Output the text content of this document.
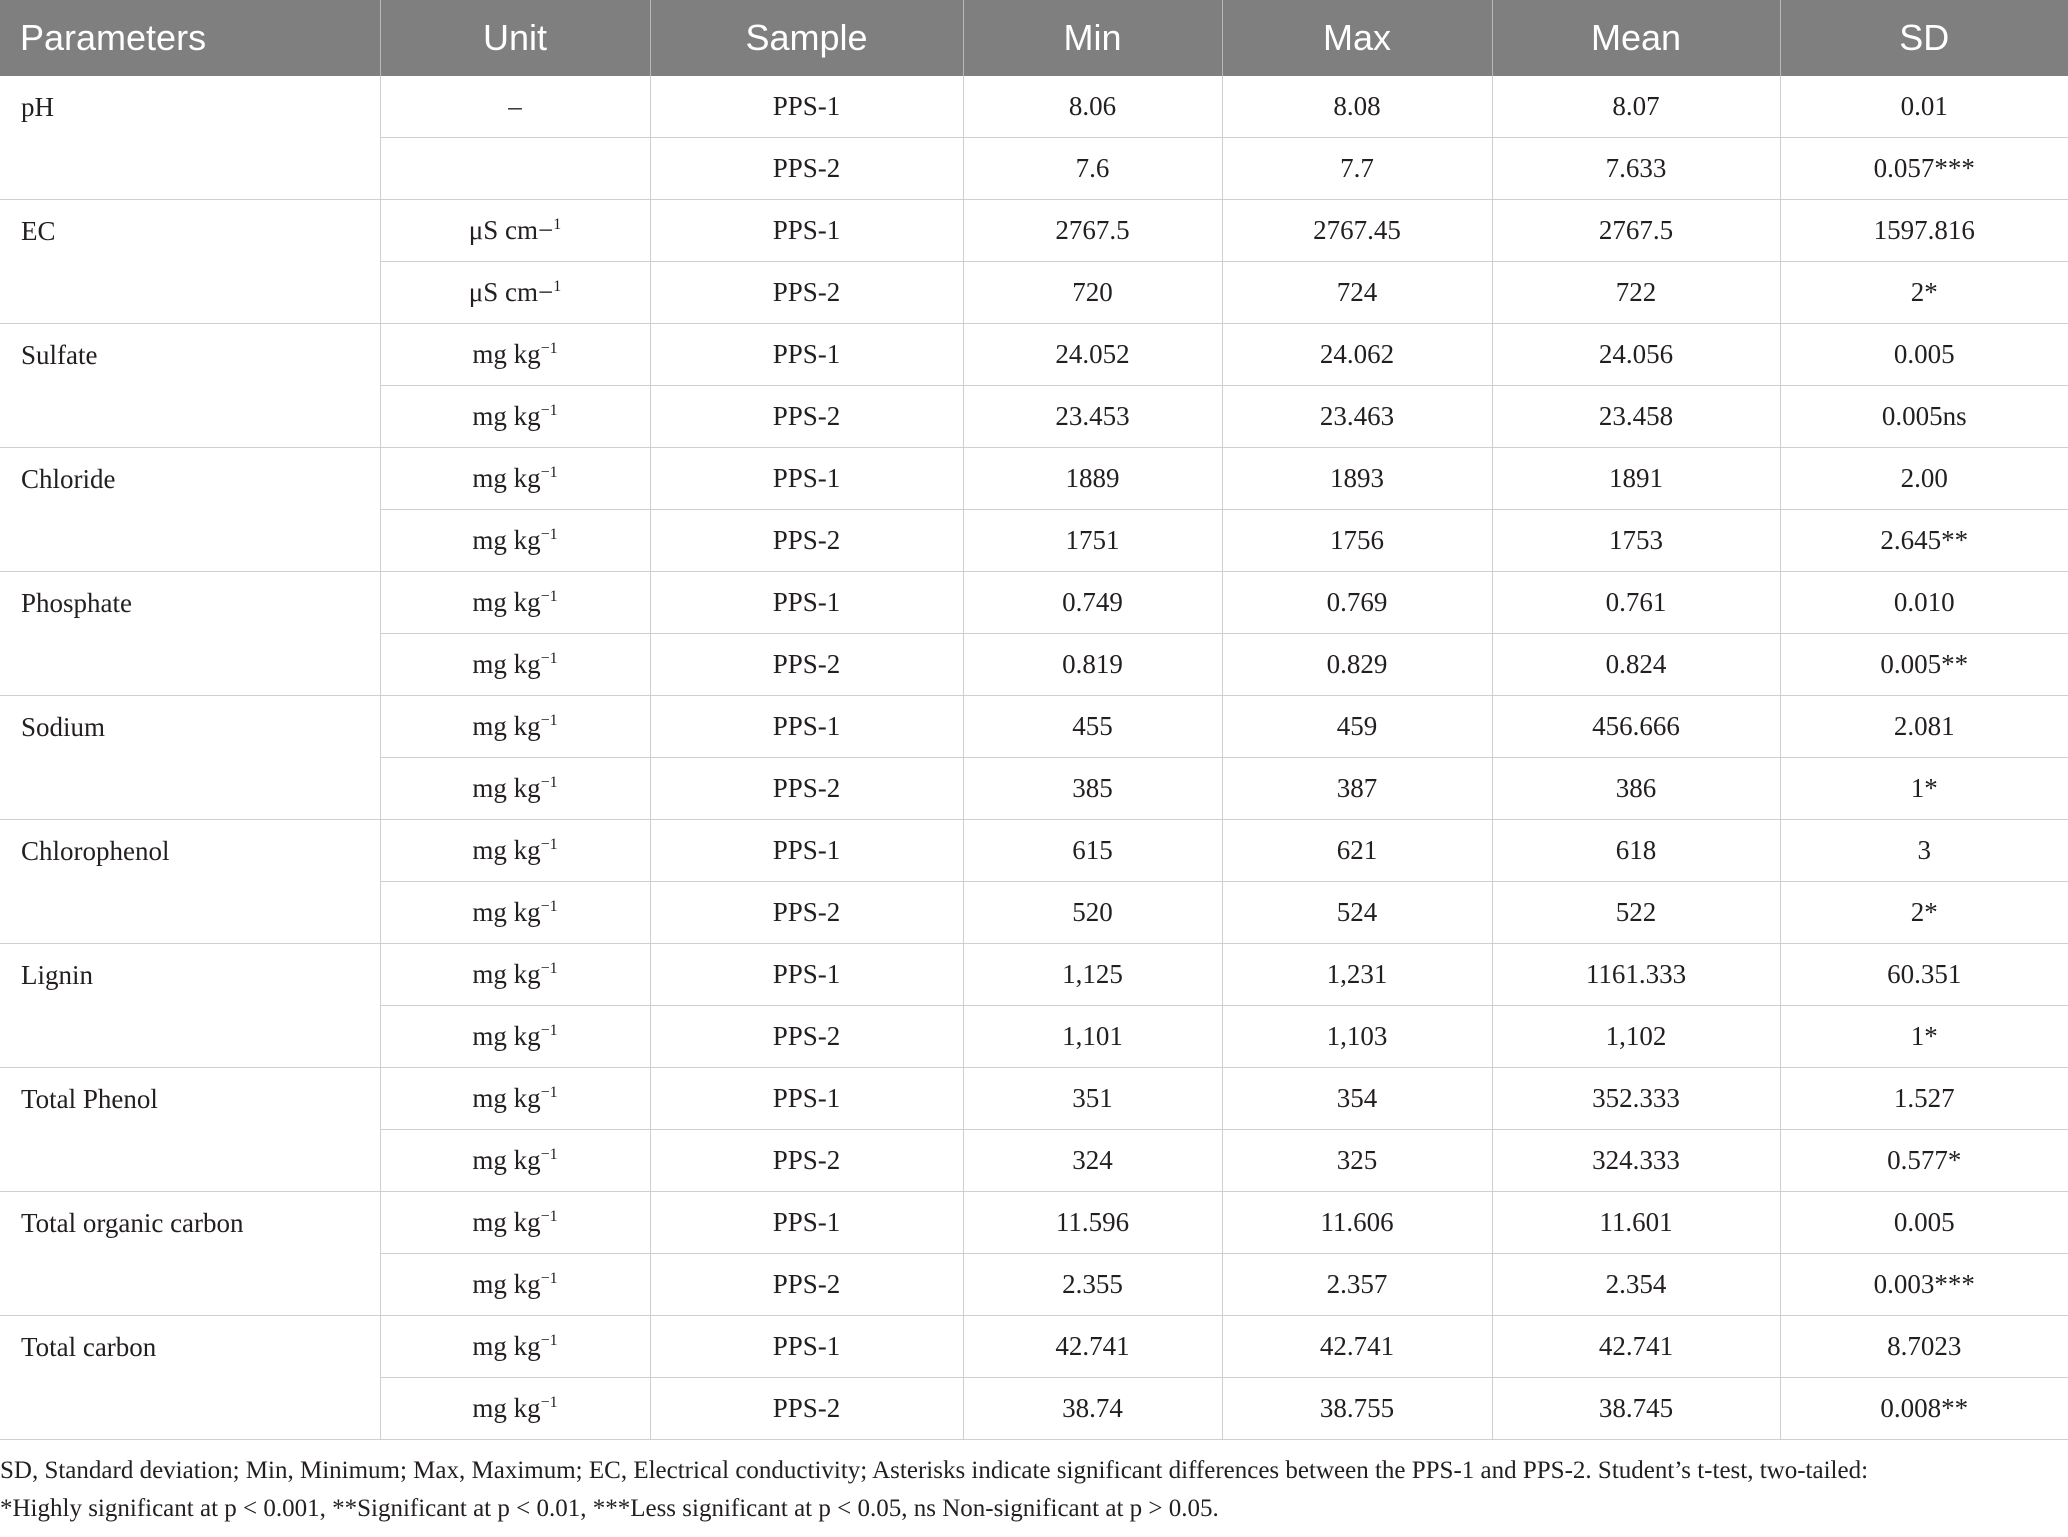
Parameters	Unit	Sample	Min	Max	Mean	SD
pH	–	PPS-1	8.06	8.08	8.07	0.01
		PPS-2	7.6	7.7	7.633	0.057***
EC	μS cm−$^1$	PPS-1	2767.5	2767.45	2767.5	1597.816
	μS cm−$^1$	PPS-2	720	724	722	2*
Sulfate	mg $kg^{-1}$	PPS-1	24.052	24.062	24.056	0.005
	mg $kg^{-1}$	PPS-2	23.453	23.463	23.458	0.005ns
Chloride	mg $kg^{-1}$	PPS-1	1889	1893	1891	2.00
	mg $kg^{-1}$	PPS-2	1751	1756	1753	2.645**
Phosphate	mg $kg^{-1}$	PPS-1	0.749	0.769	0.761	0.010
	mg $kg^{-1}$	PPS-2	0.819	0.829	0.824	0.005**
Sodium	mg $kg^{-1}$	PPS-1	455	459	456.666	2.081
	mg $kg^{-1}$	PPS-2	385	387	386	1*
Chlorophenol	mg $kg^{-1}$	PPS-1	615	621	618	3
	mg $kg^{-1}$	PPS-2	520	524	522	2*
Lignin	mg $kg^{-1}$	PPS-1	1,125	1,231	1161.333	60.351
	mg $kg^{-1}$	PPS-2	1,101	1,103	1,102	1*
Total Phenol	mg $kg^{-1}$	PPS-1	351	354	352.333	1.527
	mg $kg^{-1}$	PPS-2	324	325	324.333	0.577*
Total organic carbon	mg $kg^{-1}$	PPS-1	11.596	11.606	11.601	0.005
	mg $kg^{-1}$	PPS-2	2.355	2.357	2.354	0.003***
Total carbon	mg $kg^{-1}$	PPS-1	42.741	42.741	42.741	8.7023
	mg $kg^{-1}$	PPS-2	38.74	38.755	38.745	0.008**

SD, Standard deviation; Min, Minimum; Max, Maximum; EC, Electrical conductivity; Asterisks indicate significant differences between the PPS-1 and PPS-2. Student’s t-test, two-tailed:

*Highly significant at p < 0.001, **Significant at p < 0.01, ***Less significant at p < 0.05, ns Non-significant at p > 0.05.
